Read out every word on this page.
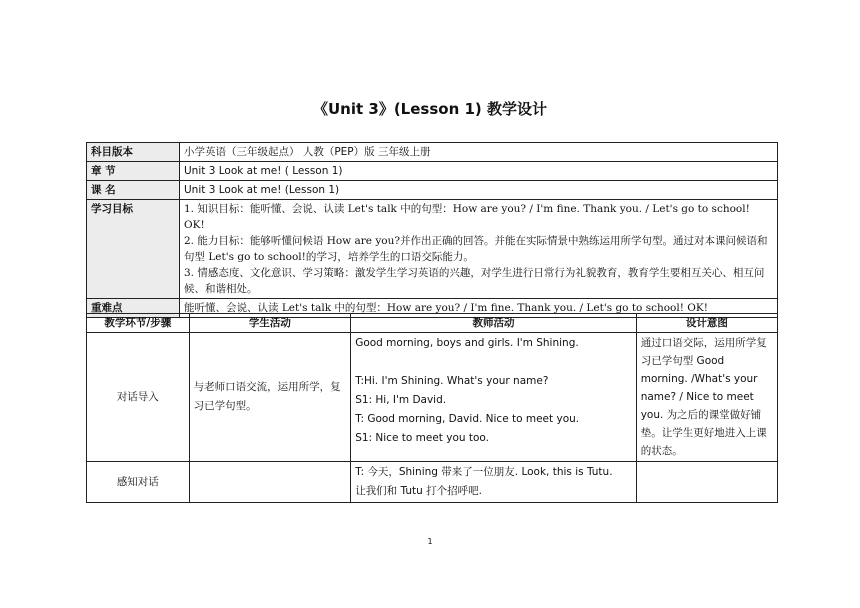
《Unit 3》(Lesson 1) 教学设计
科目版本	小学英语（三年级起点） 人教（PEP）版 三年级上册
章 节	Unit 3 Look at me! ( Lesson 1)
课 名	Unit 3 Look at me! (Lesson 1)
学习目标	1. 知识目标：能听懂、会说、认读 Let's talk 中的句型：How are you? / I'm fine. Thank you. / Let's go to school! OK!
2. 能力目标：能够听懂问候语 How are you?并作出正确的回答。并能在实际情景中熟练运用所学句型。通过对本课问候语和句型 Let's go to school!的学习，培养学生的口语交际能力。
3. 情感态度、文化意识、学习策略：激发学生学习英语的兴趣，对学生进行日常行为礼貌教育，教育学生要相互关心、相互问候、和谐相处。

重难点	能听懂、会说、认读 Let's talk 中的句型：How are you? / I'm fine. Thank you. / Let's go to school! OK!
教学环节/步骤	学生活动	教师活动	设计意图
对话导入	与老师口语交流，运用所学，复习已学句型。	Good morning, boys and girls. I'm Shining.
T:Hi. I'm Shining. What's your name?
S1: Hi, I'm David.
T: Good morning, David. Nice to meet you.
S1: Nice to meet you too.	通过口语交际，运用所学复习已学句型 Good morning. /What's your name? / Nice to meet you. 为之后的课堂做好铺垫。让学生更好地进入上课的状态。
感知对话		T: 今天，Shining 带来了一位朋友. Look, this is Tutu.
让我们和 Tutu 打个招呼吧.	

1
